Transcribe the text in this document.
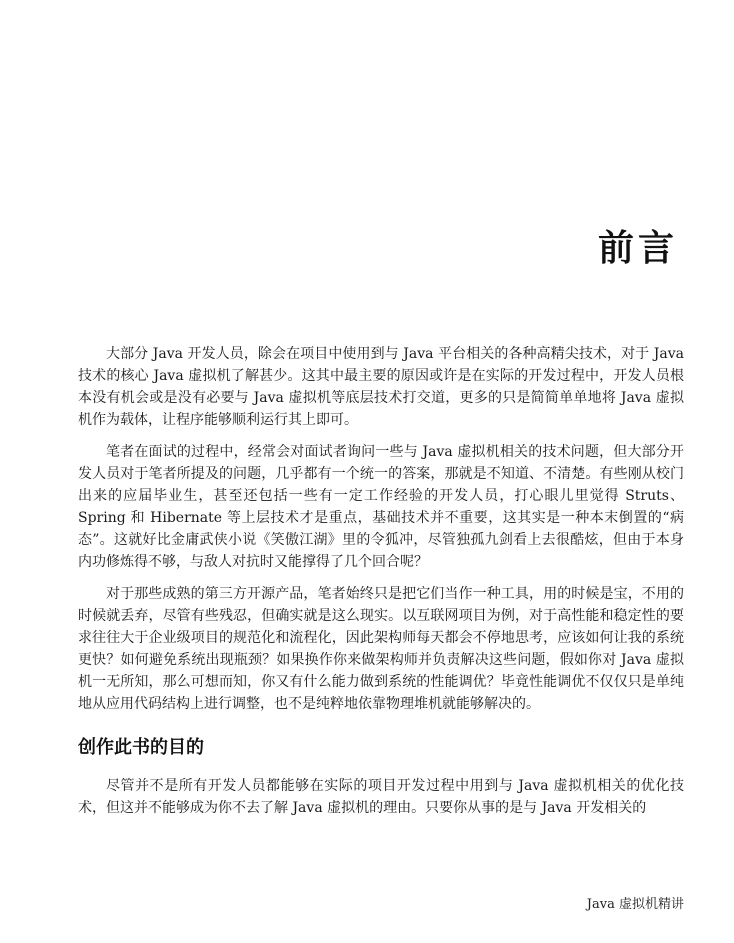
前言

大部分 Java 开发人员，除会在项目中使用到与 Java 平台相关的各种高精尖技术，对于 Java 技术的核心 Java 虚拟机了解甚少。这其中最主要的原因或许是在实际的开发过程中，开发人员根本没有机会或是没有必要与 Java 虚拟机等底层技术打交道，更多的只是简简单单地将 Java 虚拟机作为载体，让程序能够顺利运行其上即可。

笔者在面试的过程中，经常会对面试者询问一些与 Java 虚拟机相关的技术问题，但大部分开发人员对于笔者所提及的问题，几乎都有一个统一的答案，那就是不知道、不清楚。有些刚从校门出来的应届毕业生，甚至还包括一些有一定工作经验的开发人员，打心眼儿里觉得 Struts、Spring 和 Hibernate 等上层技术才是重点，基础技术并不重要，这其实是一种本末倒置的“病态”。这就好比金庸武侠小说《笑傲江湖》里的令狐冲，尽管独孤九剑看上去很酷炫，但由于本身内功修炼得不够，与敌人对抗时又能撑得了几个回合呢？

对于那些成熟的第三方开源产品，笔者始终只是把它们当作一种工具，用的时候是宝，不用的时候就丢弃，尽管有些残忍，但确实就是这么现实。以互联网项目为例，对于高性能和稳定性的要求往往大于企业级项目的规范化和流程化，因此架构师每天都会不停地思考，应该如何让我的系统更快？如何避免系统出现瓶颈？如果换作你来做架构师并负责解决这些问题，假如你对 Java 虚拟机一无所知，那么可想而知，你又有什么能力做到系统的性能调优？毕竟性能调优不仅仅只是单纯地从应用代码结构上进行调整，也不是纯粹地依靠物理堆机就能够解决的。

创作此书的目的

尽管并不是所有开发人员都能够在实际的项目开发过程中用到与 Java 虚拟机相关的优化技术，但这并不能够成为你不去了解 Java 虚拟机的理由。只要你从事的是与 Java 开发相关的

Java 虚拟机精讲
